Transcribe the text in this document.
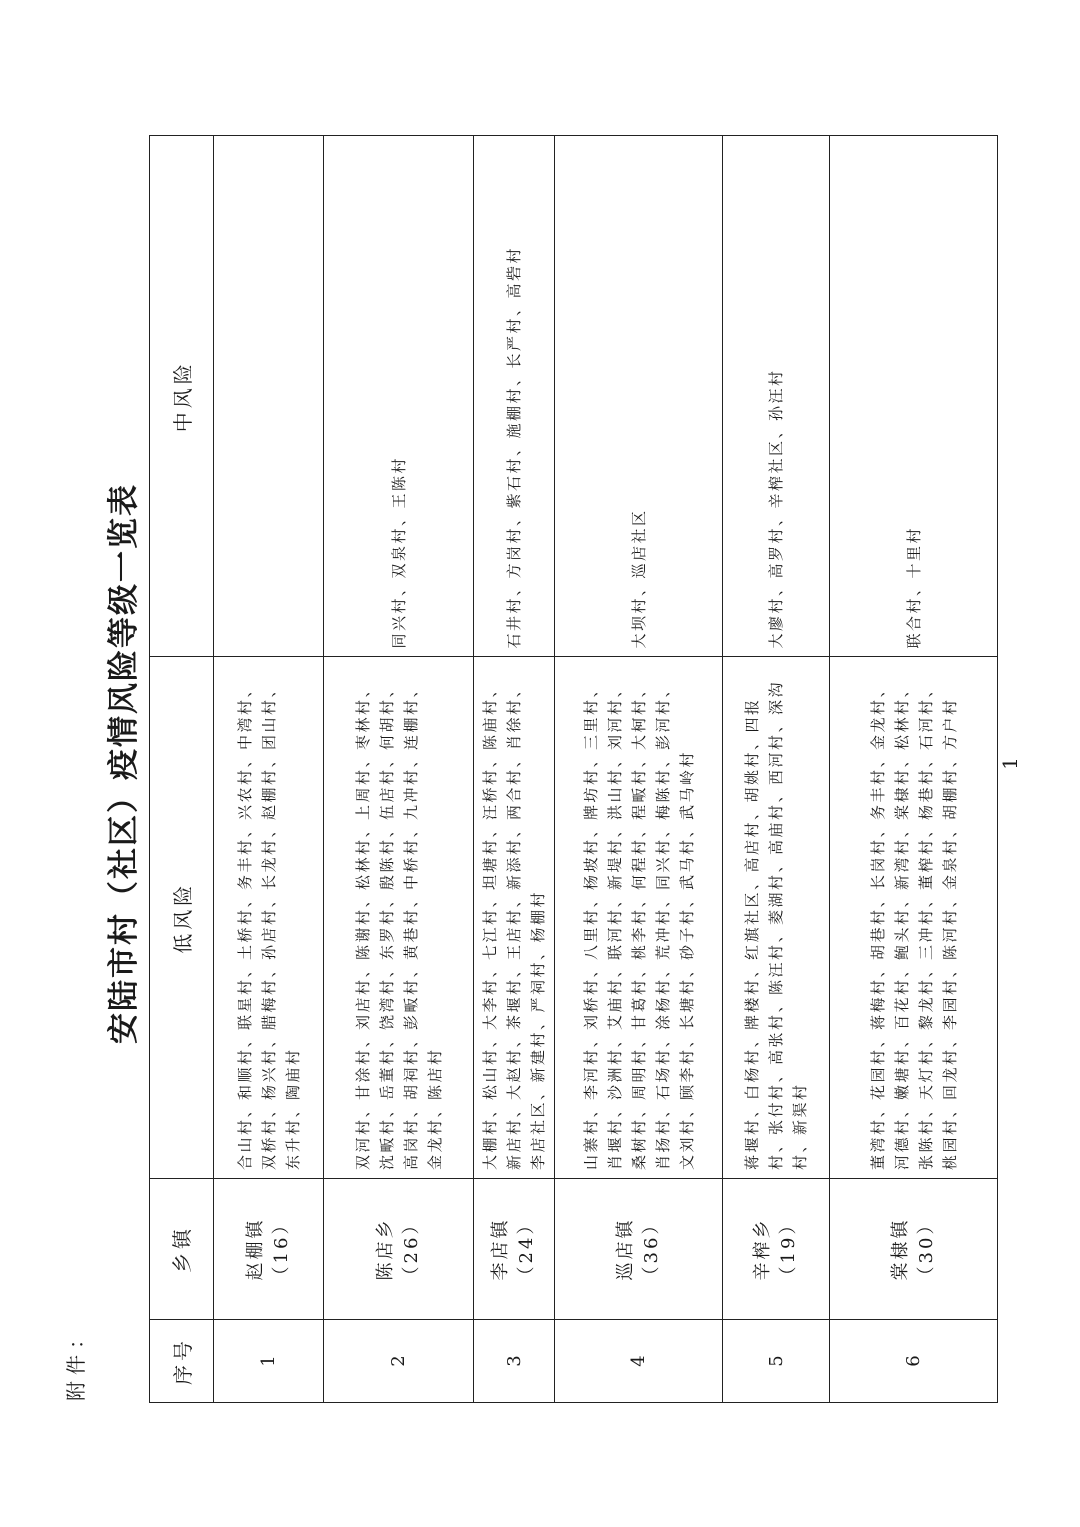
附件：
安陆市村（社区）疫情风险等级一览表
序号	乡镇	低风险	中风险
1	赵棚镇 （16）	合山村、和顺村、联星村、土桥村、务丰村、兴农村、中湾村、双桥村、杨兴村、腊梅村、孙店村、长龙村、赵棚村、团山村、东升村、陶庙村	
2	陈店乡 （26）	双河村、甘涂村、刘店村、陈谢村、松林村、上周村、枣林村、沈畈村、岳董村、饶湾村、东罗村、殷陈村、伍店村、何胡村、高岗村、胡祠村、彭畈村、黄巷村、中桥村、九冲村、连棚村、金龙村、陈店村	同兴村、双泉村、王陈村
3	李店镇 （24）	大棚村、松山村、大李村、七江村、坦塘村、汪桥村、陈庙村、新店村、大赵村、茶堰村、王店村、新添村、两合村、肖徐村、李店社区、新建村、严祠村、杨棚村	石井村、方岗村、紫石村、施棚村、长严村、高砦村
4	巡店镇 （36）	山寨村、李河村、刘桥村、八里村、杨坡村、牌坊村、三里村、肖堰村、沙洲村、艾庙村、联河村、新堤村、洪山村、刘河村、桑树村、周明村、甘葛村、桃李村、何程村、程畈村、大柯村、肖扬村、石场村、涂杨村、荒冲村、同兴村、梅陈村、彭河村、文刘村、顾李村、长塘村、砂子村、武马村、武马岭村	大坝村、巡店社区
5	辛榨乡 （19）	蒋堰村、白杨村、牌楼村、红旗社区、高店村、胡姚村、四报村、张付村、高张村、陈汪村、菱湖村、高庙村、西河村、深沟村、新渠村	大廖村、高罗村、辛榨社区、孙汪村
6	棠棣镇 （30）	董湾村、花园村、蒋梅村、胡巷村、长岗村、务丰村、金龙村、河德村、嫩塘村、百花村、鲍头村、新湾村、棠棣村、松林村、张陈村、天灯村、黎龙村、三冲村、董榨村、杨巷村、石河村、桃园村、回龙村、李园村、陈河村、金泉村、胡棚村、方户村	联合村、十里村
1
